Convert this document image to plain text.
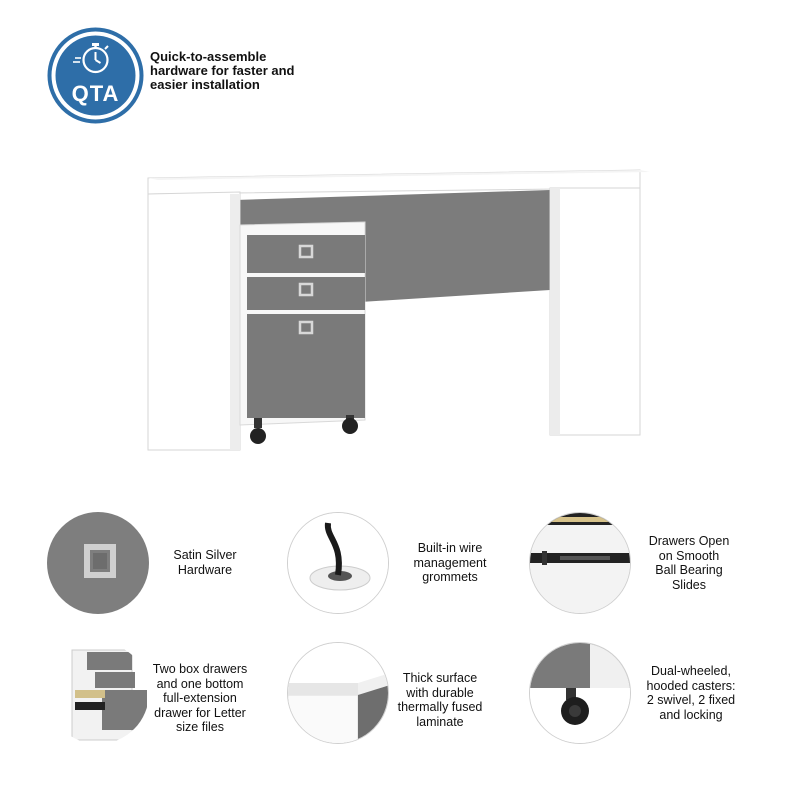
QTA
Quick-to-assemble
hardware for faster and
easier installation
Satin Silver
Hardware
Built-in wire
management
grommets
Drawers Open
on Smooth
Ball Bearing
Slides
Two box drawers
and one bottom
full-extension
drawer for Letter
size files
Thick surface
with durable
thermally fused
laminate
Dual-wheeled,
hooded casters:
2 swivel, 2 fixed
and locking
